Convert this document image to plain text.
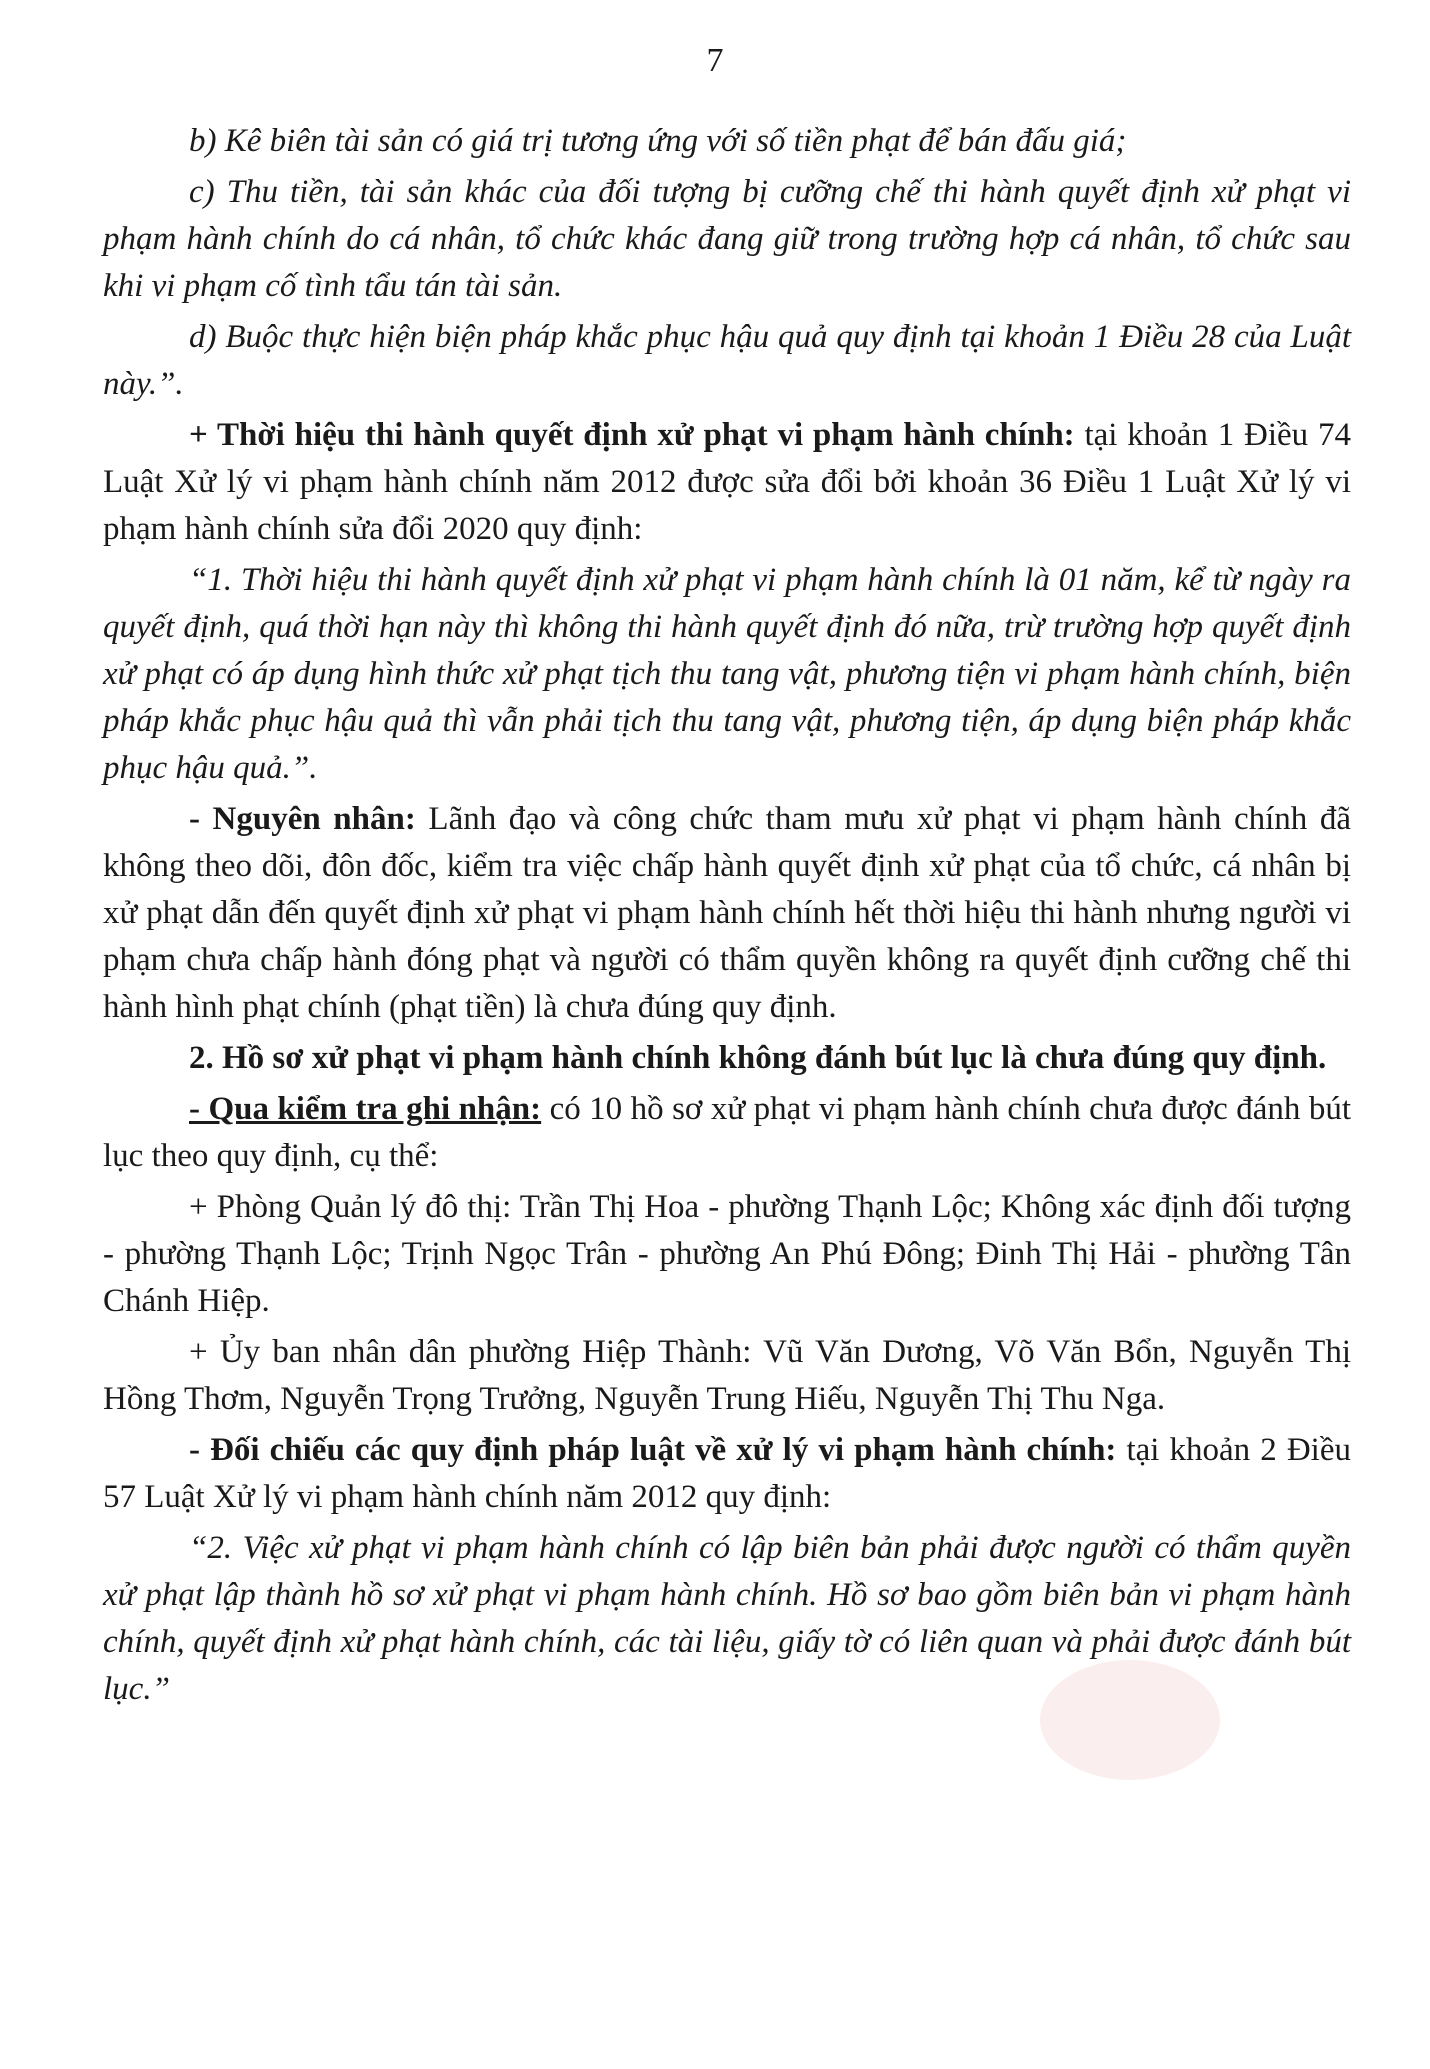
7

b) Kê biên tài sản có giá trị tương ứng với số tiền phạt để bán đấu giá;

c) Thu tiền, tài sản khác của đối tượng bị cưỡng chế thi hành quyết định xử phạt vi phạm hành chính do cá nhân, tổ chức khác đang giữ trong trường hợp cá nhân, tổ chức sau khi vi phạm cố tình tẩu tán tài sản.

d) Buộc thực hiện biện pháp khắc phục hậu quả quy định tại khoản 1 Điều 28 của Luật này.”.

+ Thời hiệu thi hành quyết định xử phạt vi phạm hành chính: tại khoản 1 Điều 74 Luật Xử lý vi phạm hành chính năm 2012 được sửa đổi bởi khoản 36 Điều 1 Luật Xử lý vi phạm hành chính sửa đổi 2020 quy định:

“1. Thời hiệu thi hành quyết định xử phạt vi phạm hành chính là 01 năm, kể từ ngày ra quyết định, quá thời hạn này thì không thi hành quyết định đó nữa, trừ trường hợp quyết định xử phạt có áp dụng hình thức xử phạt tịch thu tang vật, phương tiện vi phạm hành chính, biện pháp khắc phục hậu quả thì vẫn phải tịch thu tang vật, phương tiện, áp dụng biện pháp khắc phục hậu quả.”.

- Nguyên nhân: Lãnh đạo và công chức tham mưu xử phạt vi phạm hành chính đã không theo dõi, đôn đốc, kiểm tra việc chấp hành quyết định xử phạt của tổ chức, cá nhân bị xử phạt dẫn đến quyết định xử phạt vi phạm hành chính hết thời hiệu thi hành nhưng người vi phạm chưa chấp hành đóng phạt và người có thẩm quyền không ra quyết định cưỡng chế thi hành hình phạt chính (phạt tiền) là chưa đúng quy định.

2. Hồ sơ xử phạt vi phạm hành chính không đánh bút lục là chưa đúng quy định.

- Qua kiểm tra ghi nhận: có 10 hồ sơ xử phạt vi phạm hành chính chưa được đánh bút lục theo quy định, cụ thể:

+ Phòng Quản lý đô thị: Trần Thị Hoa - phường Thạnh Lộc; Không xác định đối tượng - phường Thạnh Lộc; Trịnh Ngọc Trân - phường An Phú Đông; Đinh Thị Hải - phường Tân Chánh Hiệp.

+ Ủy ban nhân dân phường Hiệp Thành: Vũ Văn Dương, Võ Văn Bổn, Nguyễn Thị Hồng Thơm, Nguyễn Trọng Trưởng, Nguyễn Trung Hiếu, Nguyễn Thị Thu Nga.

- Đối chiếu các quy định pháp luật về xử lý vi phạm hành chính: tại khoản 2 Điều 57 Luật Xử lý vi phạm hành chính năm 2012 quy định:

“2. Việc xử phạt vi phạm hành chính có lập biên bản phải được người có thẩm quyền xử phạt lập thành hồ sơ xử phạt vi phạm hành chính. Hồ sơ bao gồm biên bản vi phạm hành chính, quyết định xử phạt hành chính, các tài liệu, giấy tờ có liên quan và phải được đánh bút lục.”
